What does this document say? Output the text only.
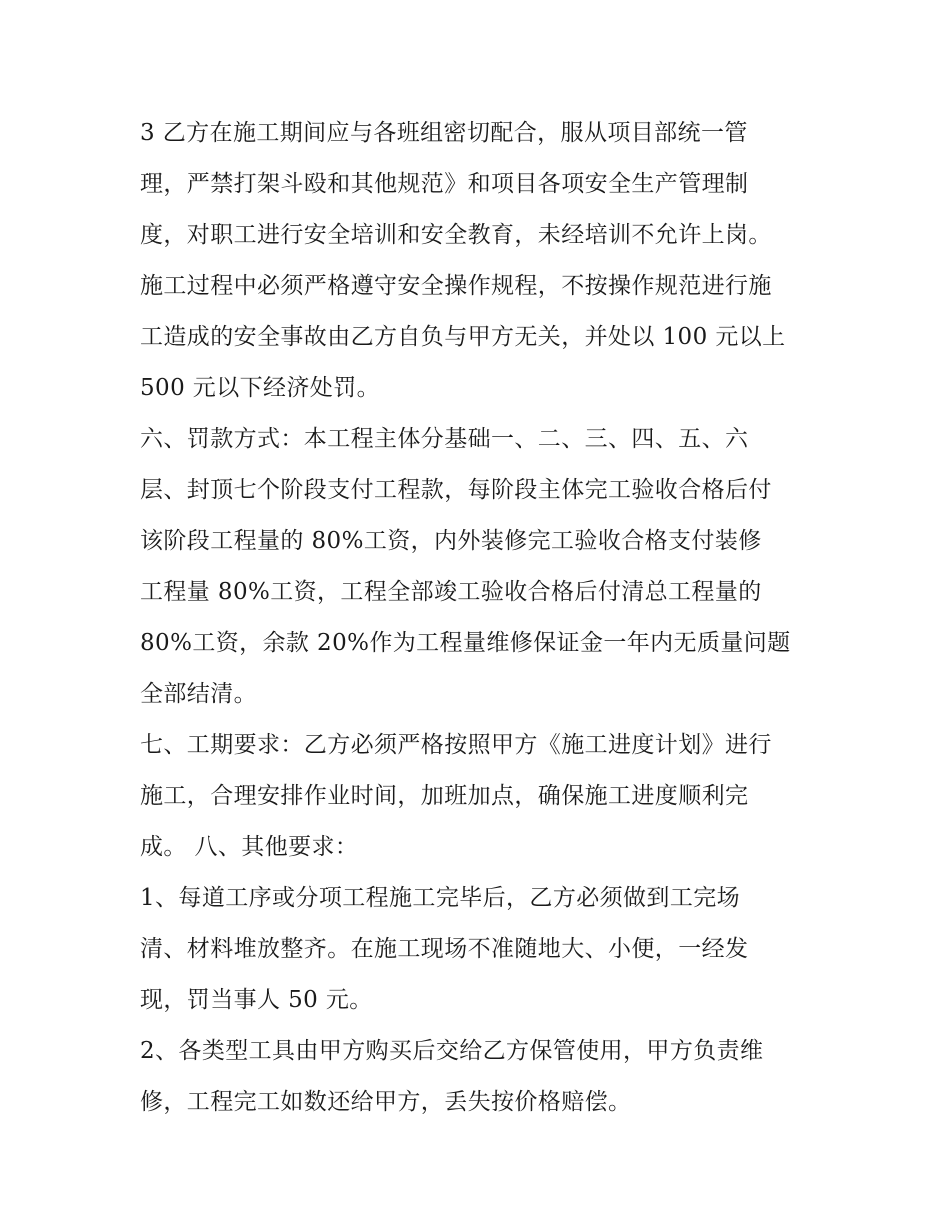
3 乙方在施工期间应与各班组密切配合，服从项目部统一管
理，严禁打架斗殴和其他规范》和项目各项安全生产管理制
度，对职工进行安全培训和安全教育，未经培训不允许上岗。
施工过程中必须严格遵守安全操作规程，不按操作规范进行施
工造成的安全事故由乙方自负与甲方无关，并处以 100 元以上
500 元以下经济处罚。

六、罚款方式：本工程主体分基础一、二、三、四、五、六
层、封顶七个阶段支付工程款，每阶段主体完工验收合格后付
该阶段工程量的 80%工资，内外装修完工验收合格支付装修
工程量 80%工资，工程全部竣工验收合格后付清总工程量的
80%工资，余款 20%作为工程量维修保证金一年内无质量问题
全部结清。

七、工期要求：乙方必须严格按照甲方《施工进度计划》进行
施工，合理安排作业时间，加班加点，确保施工进度顺利完
成。 八、其他要求：

1、每道工序或分项工程施工完毕后，乙方必须做到工完场
清、材料堆放整齐。在施工现场不准随地大、小便，一经发
现，罚当事人 50 元。

2、各类型工具由甲方购买后交给乙方保管使用，甲方负责维
修，工程完工如数还给甲方，丢失按价格赔偿。
